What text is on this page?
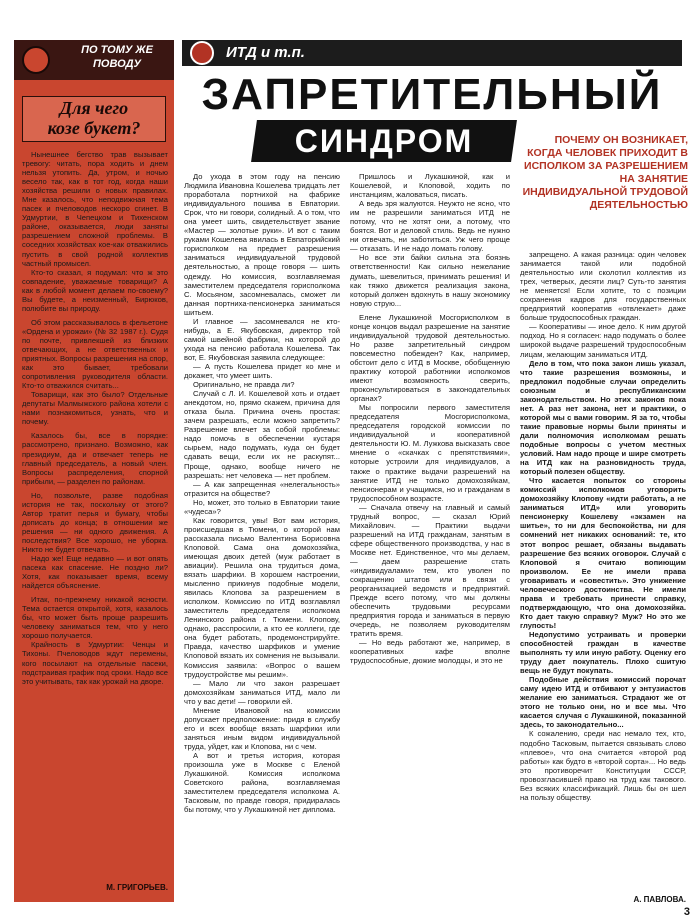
ПО ТОМУ ЖЕ
ПОВОДУ
Для чего
козе букет?

Нынешнее бегство трав вызывает тревогу: читать, пора ходить и днем нельзя утопить. Да, утром, и ночью весело так, как в тот год, когда наши хозяйства решили о новых правилах. Мне казалось, что неподвижная тема пасек и пчеловодов нескоро сгинет. В Удмуртии, в Чепецком и Тихенском районе, оказывается, люди заняты разрешением сложной проблемы. В соседних хозяйствах кое-как отважились пустить в свой родной коллектив частный промысел.

Кто-то сказал, я подумал: что ж это совпадение, уважаемые товарищи? А как в любой момент делаем по-своему? Вы будете, а неизменный, Бирюков, полюбите вы природу.

Об этом рассказывалось в фельетоне «Ордена и урожаи» (№ 32 1987 г.). Судя по почте, привлекшей из близких отвечающих, а не ответственных и приятных. Вопросы разрешения на спор, как это бывает, требовали сопротивления руководителя области. Кто-то отважился считать...

Товарищи, как это было? Отдельные депутаты Малмыжского района хотели с нами познакомиться, узнать, что и почему.

Казалось бы, все в порядке: рассмотрено, признано. Возможно, как президиум, да и отвечает теперь не главный председатель, а новый член. Вопросы распределения, спорной прибыли, — разделен по районам.

Но, позвольте, разве подобная история не так, поскольку от этого? Автор тратит перья и бумагу, чтобы дописать до конца; в отношении же решения — ни одного движения. А последствия? Все хорошо, не уборка. Никто не будет отвечать.

Надо же! Еще недавно — и вот опять пасека как спасение. Не поздно ли? Хотя, как показывает время, всему найдется объяснение.

Итак, по-прежнему никакой ясности. Тема остается открытой, хотя, казалось бы, что может быть проще разрешить человеку заниматься тем, что у него хорошо получается.

Крайность в Удмуртии: Ченцы и Тихоны. Пчеловодов ждут перемены, кого посылают на отдельные пасеки, подстраивая график под сроки. Надо все это учитывать, так как урожай на дворе.

М. ГРИГОРЬЕВ.
ИТД и т.п.
ЗАПРЕТИТЕЛЬНЫЙ
СИНДРОМ	ПОЧЕМУ ОН ВОЗНИКАЕТ, КОГДА ЧЕЛОВЕК ПРИХОДИТ В ИСПОЛКОМ ЗА РАЗРЕШЕНИЕМ НА ЗАНЯТИЕ ИНДИВИДУАЛЬНОЙ ТРУДОВОЙ ДЕЯТЕЛЬНОСТЬЮ

До ухода в этом году на пенсию Людмила Ивановна Кошелева тридцать лет проработала портнихой на фабрике индивидуального пошива в Евпатории. Срок, что ни говори, солидный. А о том, что она умеет шить, свидетельствует звание «Мастер — золотые руки». И вот с таким руками Кошелева явилась в Евпаторийский горисполком на предмет разрешения заниматься индивидуальной трудовой деятельностью, а проще говоря — шить одежду. Но комиссия, возглавляемая заместителем председателя горисполкома С. Мосьяном, засомневалась, сможет ли данная портниха-пенсионерка заниматься шитьем.

И главное — засомневался не кто-нибудь, а Е. Якубовская, директор той самой швейной фабрики, на которой до ухода на пенсию работала Кошелева. Так вот, Е. Якубовская заявила следующее:

— А пусть Кошелева придет ко мне и докажет, что умеет шить.

Оригинально, не правда ли?

Случай с Л. И. Кошелевой хоть и отдает анекдотом, но, прямо скажем, причина для отказа была. Причина очень простая: зачем разрешать, если можно запретить? Разрешение влечет за собой проблемы: надо помочь в обеспечении кустаря сырьем, надо подумать, куда он будет сдавать вещи, если их не раскупят... Проще, однако, вообще ничего не разрешать: нет человека — нет проблем.

— А как запрещенная «нелегальность» отразится на обществе?

Но, может, это только в Евпатории такие «чудеса»?

Как говорится, увы! Вот вам история, происшедшая в Тюмени, о которой нам рассказала письмо Валентина Борисовна Клоповой. Сама она домохозяйка, имеющая двоих детей (муж работает в авиации). Решила она трудиться дома, вязать шарфики. В хорошем настроении, мысленно прикинув подобные модели, явилась Клопова за разрешением в исполком. Комиссию по ИТД возглавлял заместитель председателя исполкома Ленинского района г. Тюмени. Клопову, однако, расспросили, а кто ее коллеги, где она будет работать, продемонстрируйте. Правда, качество шарфиков и умение Клоповой вязать их сомнения не вызывали. Комиссия заявила: «Вопрос о вашем трудоустройстве мы решим».

— Мало ли что закон разрешает домохозяйкам заниматься ИТД, мало ли что у вас дети! — говорили ей.

Мнение Ивановой на комиссии допускает предположение: придя в службу его и всех вообще вязать шарфики или заняться иным видом индивидуальной труда, уйдет, как и Клопова, ни с чем.

А вот и третья история, которая произошла уже в Москве с Еленой Лукашкиной. Комиссия исполкома Советского района, возглавляемая заместителем председателя исполкома А. Тасковым, по правде говоря, придиралась бы потому, что у Лукашкиной нет диплома.

Пришлось и Лукашкиной, как и Кошелевой, и Клоповой, ходить по инстанциям, жаловаться, писать.

А ведь зря жалуются. Неужто не ясно, что им не разрешили заниматься ИТД не потому, что не хотят они, а потому, что боятся. Вот и деловой стиль. Ведь не нужно ни отвечать, ни заботиться. Уж чего проще — отказать. И не надо ломать голову.

Но все эти байки сильна эта боязнь ответственности! Как сильно нежелание думать, шевелиться, принимать решения! И как тяжко движется реализация закона, который должен вдохнуть в нашу экономику новую струю...

Елене Лукашкиной Мосгорисполком в конце концов выдал разрешение на занятие индивидуальной трудовой деятельностью. Но разве запретительный синдром повсеместно побежден? Как, например, обстоит дело с ИТД в Москве, обобщенную практику которой работники исполкомов имеют возможность сверить, проконсультироваться в законодательных органах?

Мы попросили первого заместителя председателя Мосгорисполкома, председателя городской комиссии по индивидуальной и кооперативной деятельности Ю. М. Лужкова высказать свое мнение о «скачках с препятствиями», которые устроили для индивидуалов, а также о практике выдачи разрешений на занятие ИТД не только домохозяйкам, пенсионерам и учащимся, но и гражданам в трудоспособном возрасте.

— Сначала отвечу на главный и самый трудный вопрос, — сказал Юрий Михайлович. — Практики выдачи разрешений на ИТД гражданам, занятым в сфере общественного производства, у нас в Москве нет. Единственное, что мы делаем, — даем разрешение стать «индивидуалами» тем, кто уволен по сокращению штатов или в связи с реорганизацией ведомств и предприятий. Прежде всего потому, что мы должны обеспечить трудовыми ресурсами предприятия города и заниматься в первую очередь, не позволяем руководителям тратить время.

— Но ведь работают же, например, в кооперативных кафе вполне трудоспособные, дюжие молодцы, и это не

запрещено. А какая разница: один человек занимается такой или подобной деятельностью или сколотил коллектив из трех, четверых, десяти лиц? Суть-то занятия не меняется! Если хотите, то с позиции сохранения кадров для государственных предприятий кооператив «отвлекает» даже больше трудоспособных граждан.

— Кооперативы — иное дело. К ним другой подход. Но я согласен: надо подумать о более широкой выдаче разрешений трудоспособным лицам, желающим заниматься ИТД.

Дело в том, что пока закон лишь указал, что такие разрешения возможны, и предложил подобные случаи определить союзным и республиканским законодательством. Но этих законов пока нет. А раз нет закона, нет и практики, о которой мы с вами говорим. Я за то, чтобы такие правовые нормы были приняты и дали полномочия исполкомам решать подобные вопросы с учетом местных условий. Нам надо проще и шире смотреть на ИТД как на разновидность труда, который полезен обществу.

Что касается попыток со стороны комиссий исполкомов уговорить домохозяйку Клопову «идти работать, а не заниматься ИТД» или уговорить пенсионерку Кошелеву «экзамен на шитье», то ни для беспокойства, ни для сомнений нет никаких оснований: те, кто этот вопрос решает, обязаны выдавать разрешение без всяких оговорок. Случай с Клоповой я считаю вопиющим произволом. Ее не имели права уговаривать и «совестить». Это унижение человеческого достоинства. Не имели права и требовать принести справку, подтверждающую, что она домохозяйка. Кто дает такую справку? Муж? Но это же глупость!

Недопустимо устраивать и проверки способностей граждан в качестве выполнять ту или иную работу. Оценку его труду дает покупатель. Плохо сшитую вещь не будут покупать.

Подобные действия комиссий порочат саму идею ИТД и отбивают у энтузиастов желание ею заниматься. Страдают же от этого не только они, но и все мы. Что касается случая с Лукашкиной, показанной здесь, то законодательно...

К сожалению, среди нас немало тех, кто, подобно Тасковым, пытается связывать слово «плевое», что она считается «второй род работы» как будто в «второй сорта»... Но ведь это противоречит Конституции СССР, провозгласившей право на труд как такового. Без всяких классификаций. Лишь бы он шел на пользу обществу.

А. ПАВЛОВА.
3
